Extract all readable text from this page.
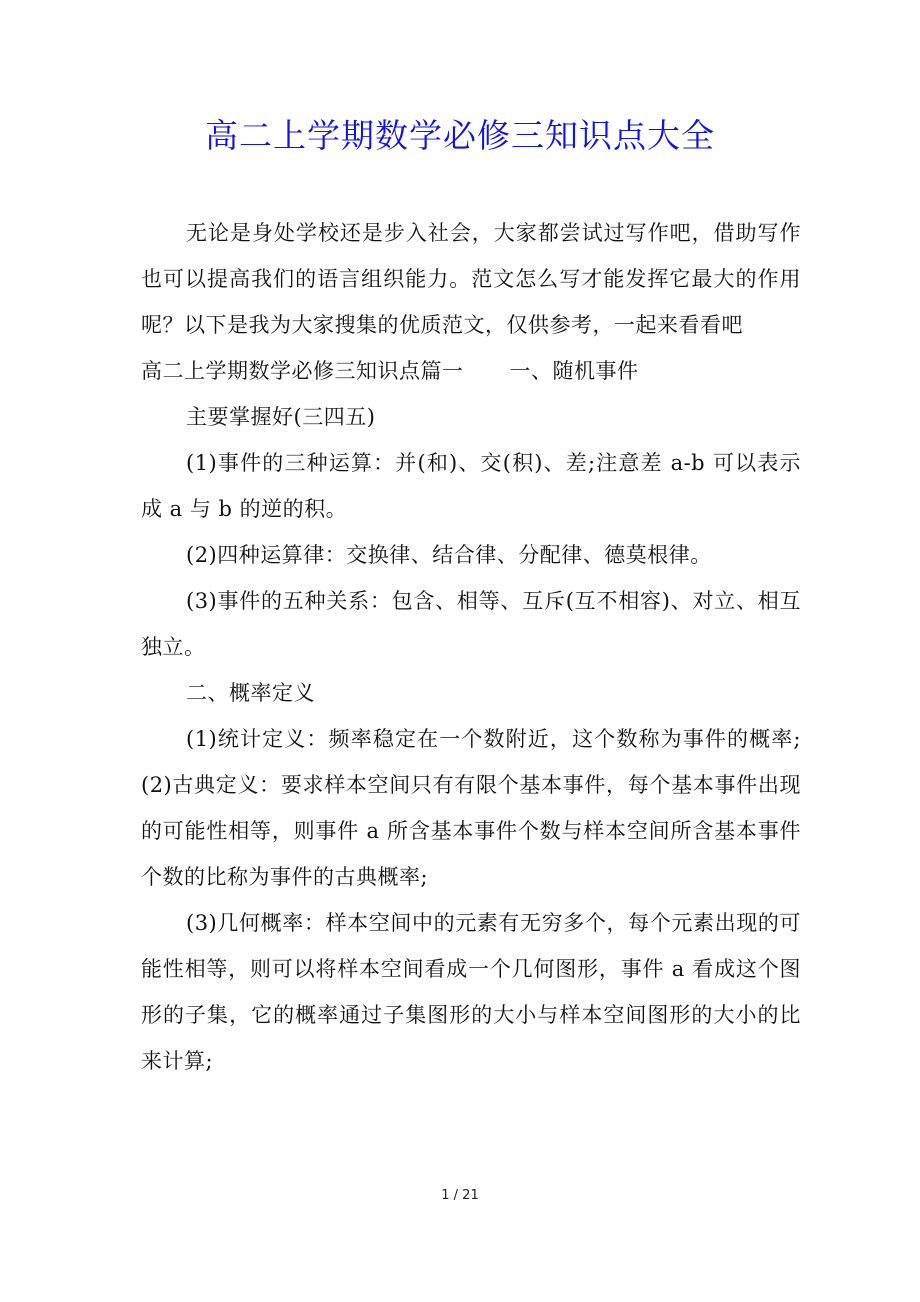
高二上学期数学必修三知识点大全

无论是身处学校还是步入社会，大家都尝试过写作吧，借助写作也可以提高我们的语言组织能力。范文怎么写才能发挥它最大的作用呢？以下是我为大家搜集的优质范文，仅供参考，一起来看看吧

高二上学期数学必修三知识点篇一 一、随机事件

主要掌握好(三四五)

(1)事件的三种运算：并(和)、交(积)、差;注意差 a-b 可以表示成 a 与 b 的逆的积。

(2)四种运算律：交换律、结合律、分配律、德莫根律。

(3)事件的五种关系：包含、相等、互斥(互不相容)、对立、相互独立。

二、概率定义

(1)统计定义：频率稳定在一个数附近，这个数称为事件的概率;(2)古典定义：要求样本空间只有有限个基本事件，每个基本事件出现的可能性相等，则事件 a 所含基本事件个数与样本空间所含基本事件个数的比称为事件的古典概率;

(3)几何概率：样本空间中的元素有无穷多个，每个元素出现的可能性相等，则可以将样本空间看成一个几何图形，事件 a 看成这个图形的子集，它的概率通过子集图形的大小与样本空间图形的大小的比来计算;

1 / 21
